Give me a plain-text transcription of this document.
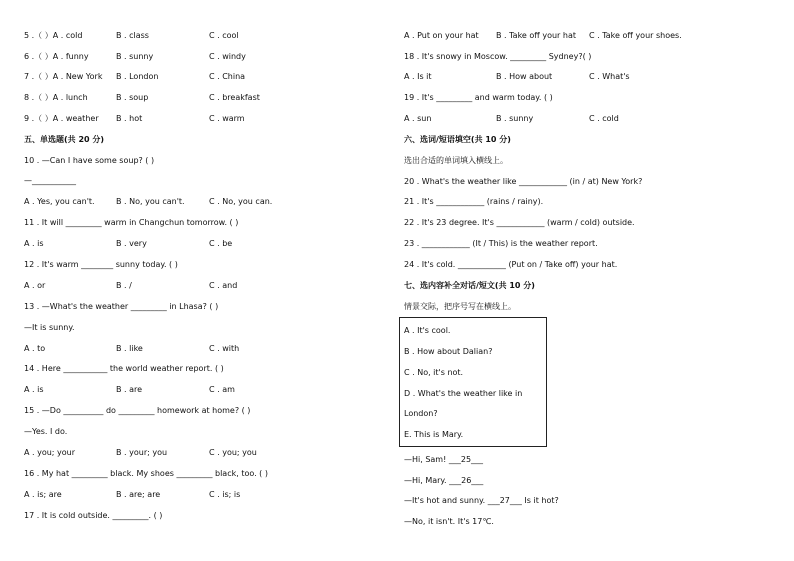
5 .（ ）A . cold	B . class	C . cool
6 .（ ）A . funny	B . sunny	C . windy
7 .（ ）A . New York B . London	C . China
8 .（ ）A . lunch	B . soup	C . breakfast
9 .（ ）A . weather B . hot	C . warm
五、单选题(共 20 分)
10 . —Can I have some soup? ( )
—___________
A . Yes, you can't.	B . No, you can't.	C . No, you can.
11 . It will _________ warm in Changchun tomorrow. ( )
A . is	B . very	C . be
12 . It's warm ________ sunny today. ( )
A . or	B . /	C . and
13 . —What's the weather _________ in Lhasa? ( )
—It is sunny.
A . to	B . like	C . with
14 . Here ___________ the world weather report. ( )
A . is	B . are	C . am
15 . —Do __________ do _________ homework at home? ( )
—Yes. I do.
A . you; your	B . your; you	C . you; you
16 . My hat _________ black. My shoes _________ black, too. ( )
A . is; are	B . are; are	C . is; is
17 . It is cold outside. _________. ( )
A . Put on your hat B . Take off your hat C . Take off your shoes.
18 . It's snowy in Moscow. _________ Sydney?( )
A . Is it	B . How about	C . What's
19 . It's _________ and warm today. ( )
A . sun	B . sunny	C . cold
六、选词/短语填空(共 10 分)
选出合适的单词填入横线上。
20 . What's the weather like ____________ (in / at) New York?
21 . It's ____________ (rains / rainy).
22 . It's 23 degree. It's ____________ (warm / cold) outside.
23 . ____________ (It / This) is the weather report.
24 . It's cold. ____________ (Put on / Take off) your hat.
七、选内容补全对话/短文(共 10 分)
情景交际，把序号写在横线上。
A . It's cool.
B . How about Dalian?
C . No, it's not.
D . What's the weather like in
London?
E. This is Mary.
—Hi, Sam! ___25___
—Hi, Mary. ___26___
—It's hot and sunny. ___27___ Is it hot?
—No, it isn't. It's 17℃.
